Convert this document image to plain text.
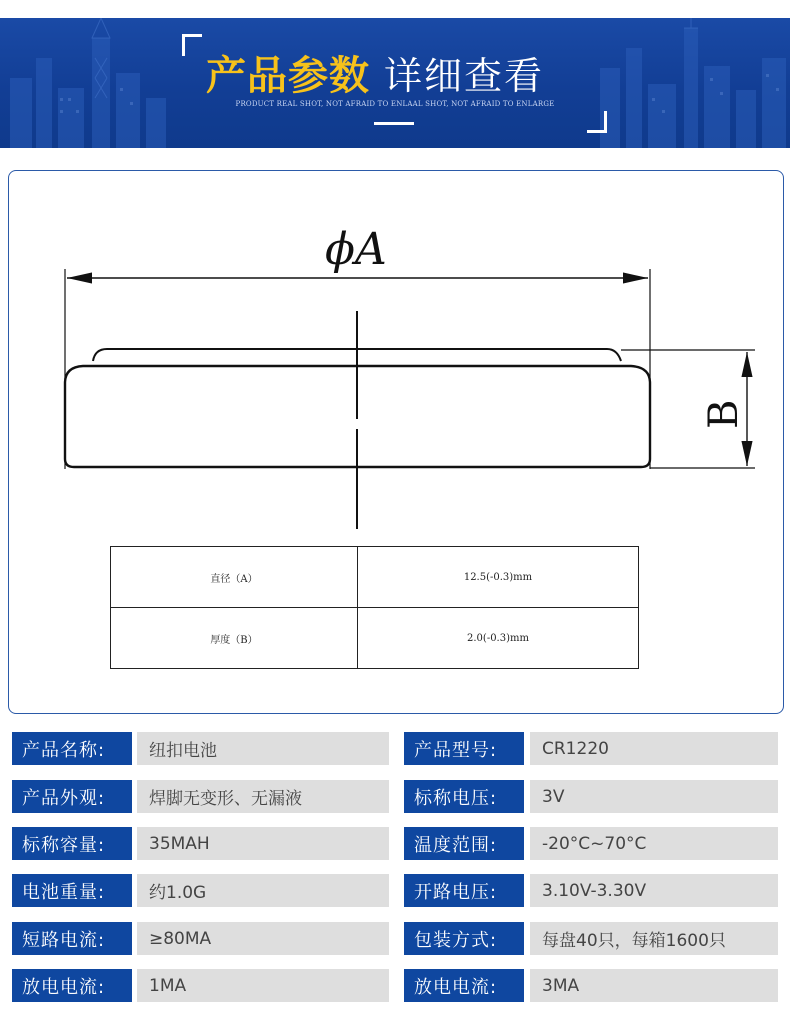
产品参数 详细查看
PRODUCT REAL SHOT, NOT AFRAID TO ENLAAL SHOT, NOT AFRAID TO ENLARGE
ϕA
B
直径（A）	12.5(-0.3)mm
厚度（B）	2.0(-0.3)mm
产品名称:	纽扣电池	产品型号:	CR1220
产品外观:	焊脚无变形、无漏液	标称电压:	3V
标称容量:	35MAH	温度范围:	-20°C~70°C
电池重量:	约1.0G	开路电压:	3.10V-3.30V
短路电流:	≥80MA	包装方式:	每盘40只，每箱1600只
放电电流:	1MA	放电电流:	3MA
